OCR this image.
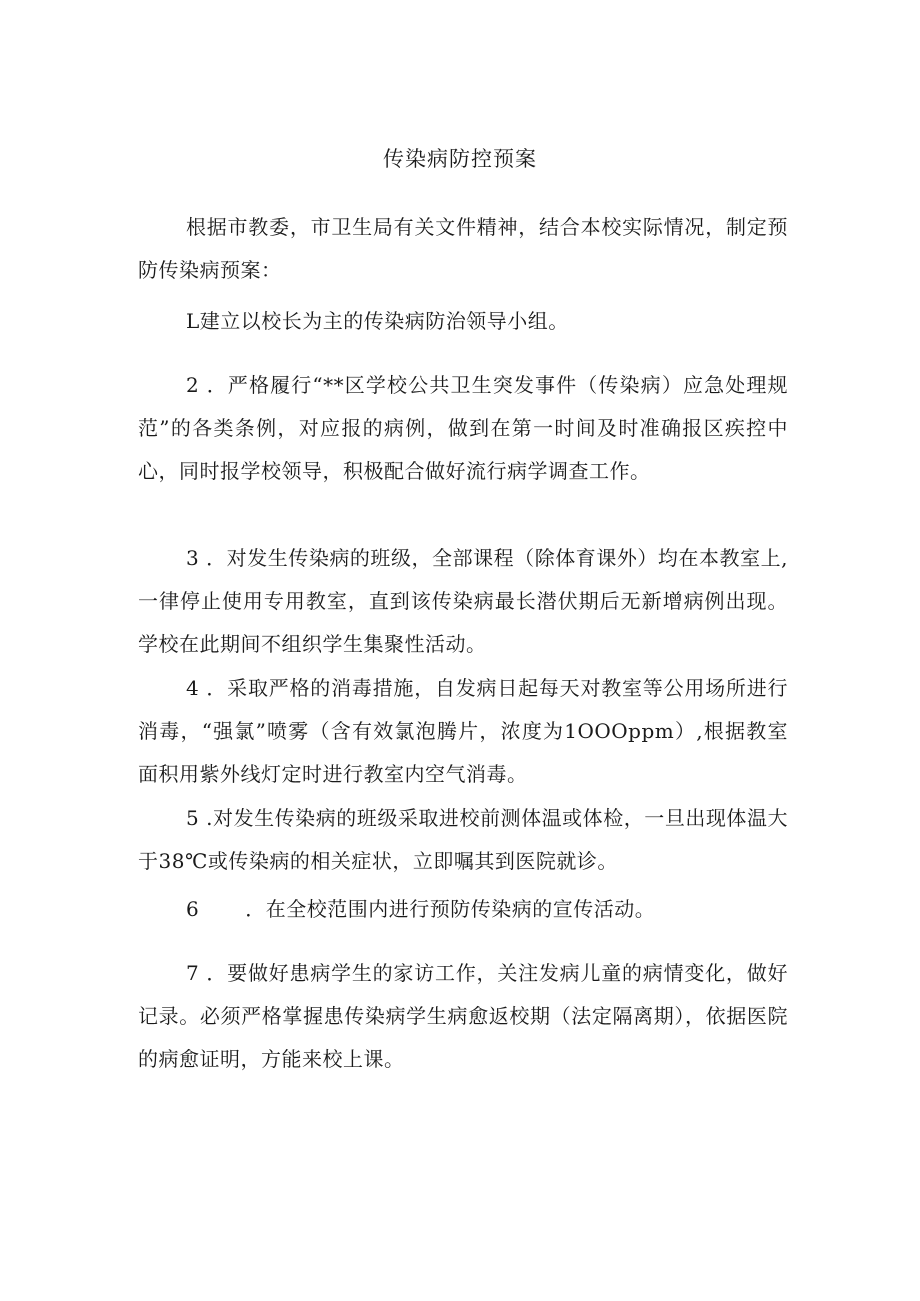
传染病防控预案
根据市教委，市卫生局有关文件精神，结合本校实际情况，制定预防传染病预案：
L建立以校长为主的传染病防治领导小组。
2 ．严格履行“**区学校公共卫生突发事件（传染病）应急处理规范”的各类条例，对应报的病例，做到在第一时间及时准确报区疾控中心，同时报学校领导，积极配合做好流行病学调查工作。
3 ．对发生传染病的班级，全部课程（除体育课外）均在本教室上,一律停止使用专用教室，直到该传染病最长潜伏期后无新增病例出现。学校在此期间不组织学生集聚性活动。
4 ．采取严格的消毒措施，自发病日起每天对教室等公用场所进行消毒，“强氯”喷雾（含有效氯泡腾片，浓度为1OOOppm）,根据教室面积用紫外线灯定时进行教室内空气消毒。
5 .对发生传染病的班级采取进校前测体温或体检，一旦出现体温大于38℃或传染病的相关症状，立即嘱其到医院就诊。
6 ．在全校范围内进行预防传染病的宣传活动。
7 ．要做好患病学生的家访工作，关注发病儿童的病情变化，做好记录。必须严格掌握患传染病学生病愈返校期（法定隔离期），依据医院的病愈证明，方能来校上课。
